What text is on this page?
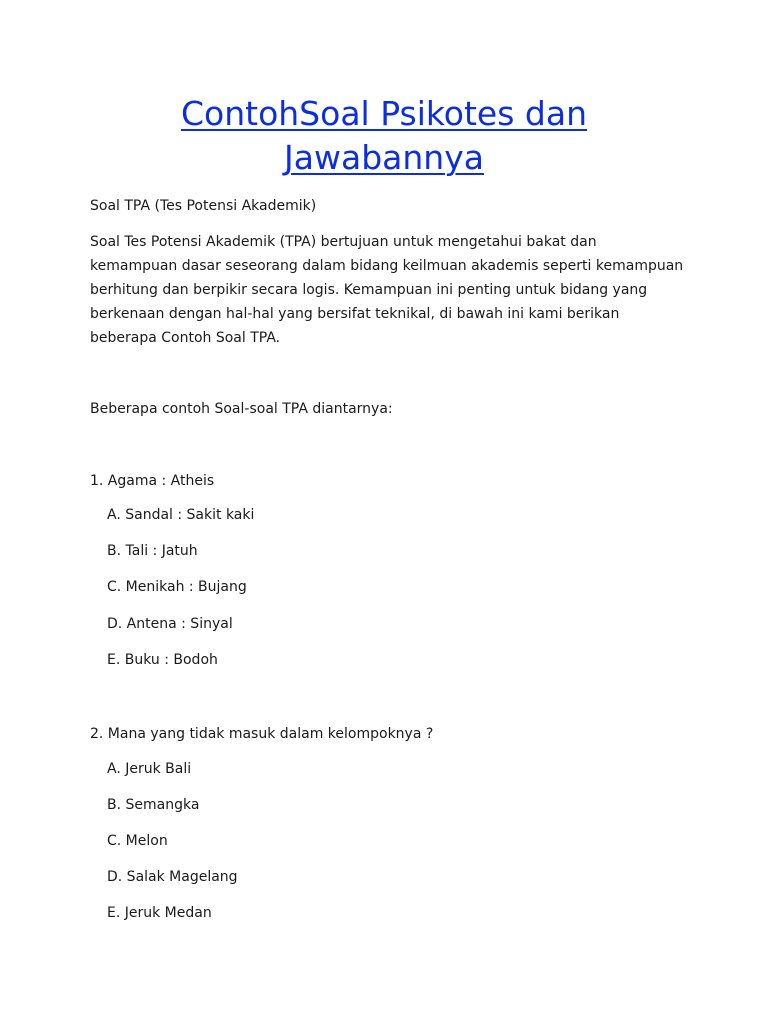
ContohSoal Psikotes dan
Jawabannya

Soal TPA (Tes Potensi Akademik)

Soal Tes Potensi Akademik (TPA) bertujuan untuk mengetahui bakat dan
kemampuan dasar seseorang dalam bidang keilmuan akademis seperti kemampuan
berhitung dan berpikir secara logis. Kemampuan ini penting untuk bidang yang
berkenaan dengan hal-hal yang bersifat teknikal, di bawah ini kami berikan
beberapa Contoh Soal TPA.

Beberapa contoh Soal-soal TPA diantarnya:

1. Agama : Atheis

A. Sandal : Sakit kaki

B. Tali : Jatuh

C. Menikah : Bujang

D. Antena : Sinyal

E. Buku : Bodoh

2. Mana yang tidak masuk dalam kelompoknya ?

A. Jeruk Bali

B. Semangka

C. Melon

D. Salak Magelang

E. Jeruk Medan
